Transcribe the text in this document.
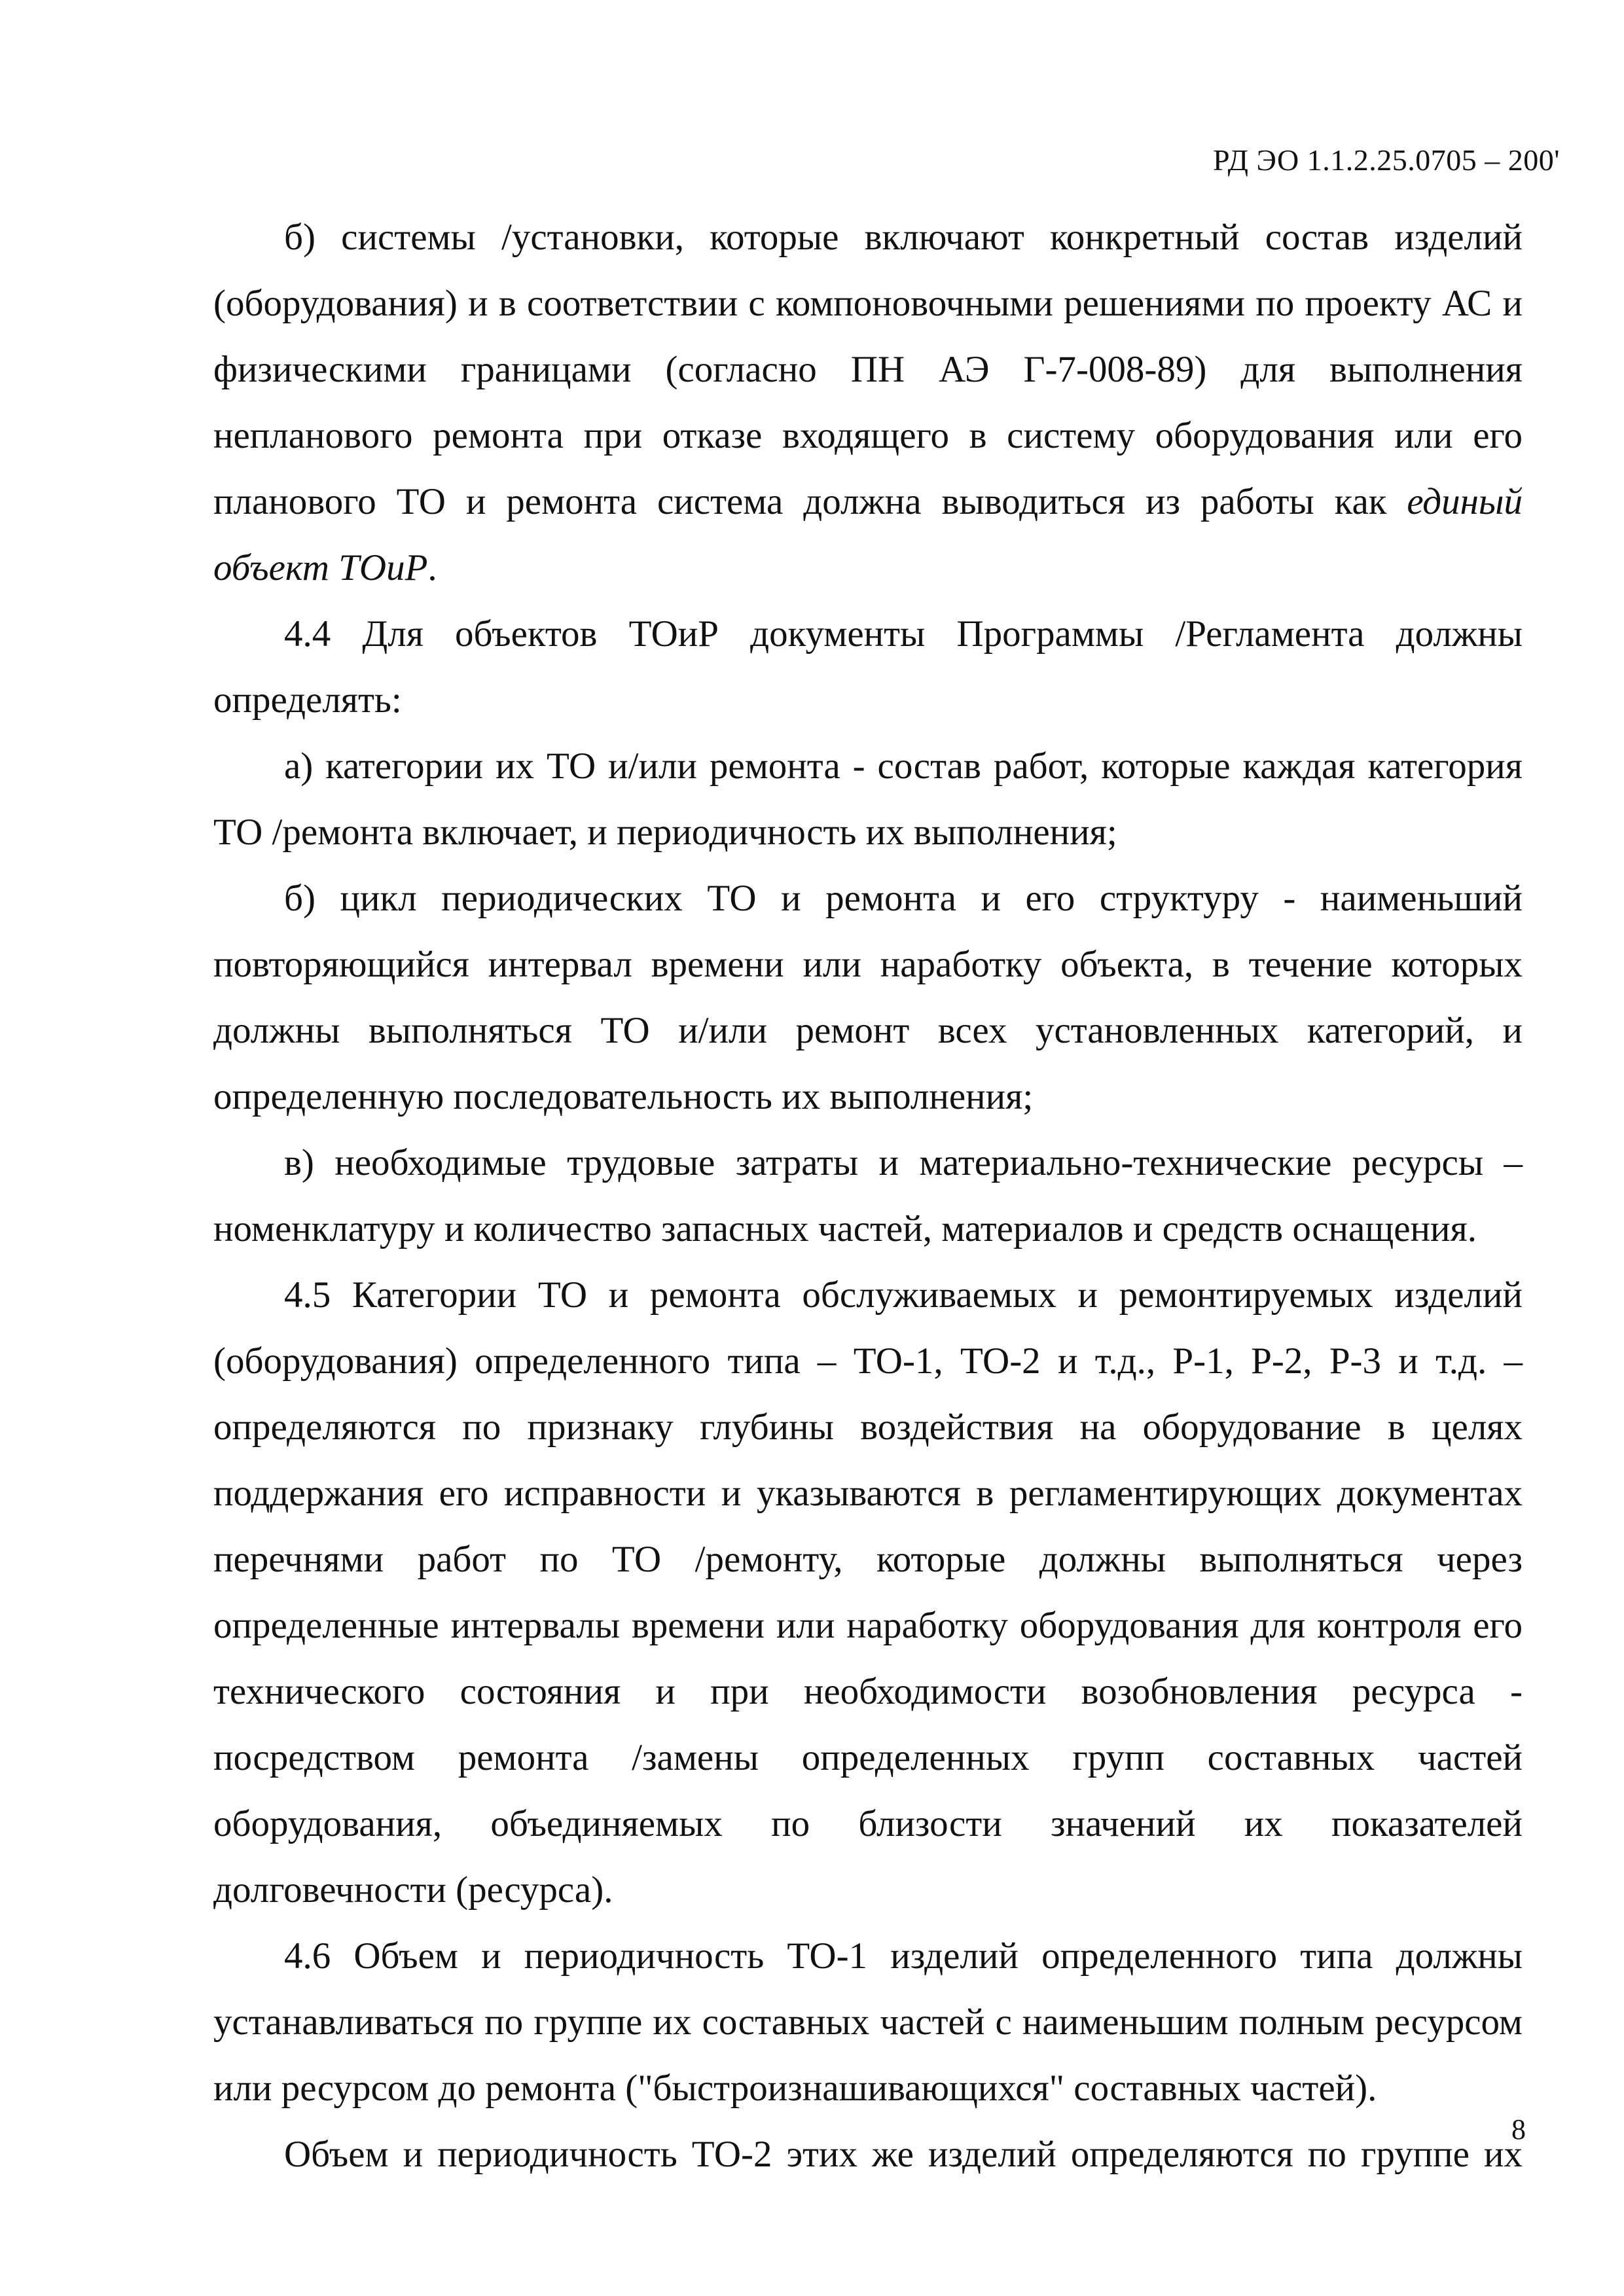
РД ЭО 1.1.2.25.0705 – 200'

б) системы /установки, которые включают конкретный состав изделий (оборудования) и в соответствии с компоновочными решениями по проекту АС и физическими границами (согласно ПН АЭ Г-7-008-89) для выполнения непланового ремонта при отказе входящего в систему оборудования или его планового ТО и ремонта система должна выводиться из работы как единый объект ТОиР.

4.4 Для объектов ТОиР документы Программы /Регламента должны определять:

а) категории их ТО и/или ремонта - состав работ, которые каждая категория ТО /ремонта включает, и периодичность их выполнения;

б) цикл периодических ТО и ремонта и его структуру - наименьший повторяющийся интервал времени или наработку объекта, в течение которых должны выполняться ТО и/или ремонт всех установленных категорий, и определенную последовательность их выполнения;

в) необходимые трудовые затраты и материально-технические ресурсы – номенклатуру и количество запасных частей, материалов и средств оснащения.

4.5 Категории ТО и ремонта обслуживаемых и ремонтируемых изделий (оборудования) определенного типа – ТО-1, ТО-2 и т.д., Р-1, Р-2, Р-3 и т.д. – определяются по признаку глубины воздействия на оборудование в целях поддержания его исправности и указываются в регламентирующих документах перечнями работ по ТО /ремонту, которые должны выполняться через определенные интервалы времени или наработку оборудования для контроля его технического состояния и при необходимости возобновления ресурса - посредством ремонта /замены определенных групп составных частей оборудования, объединяемых по близости значений их показателей долговечности (ресурса).

4.6 Объем и периодичность ТО-1 изделий определенного типа должны устанавливаться по группе их составных частей с наименьшим полным ресурсом или ресурсом до ремонта ("быстроизнашивающихся" составных частей).

Объем и периодичность ТО-2 этих же изделий определяются по группе их

8
